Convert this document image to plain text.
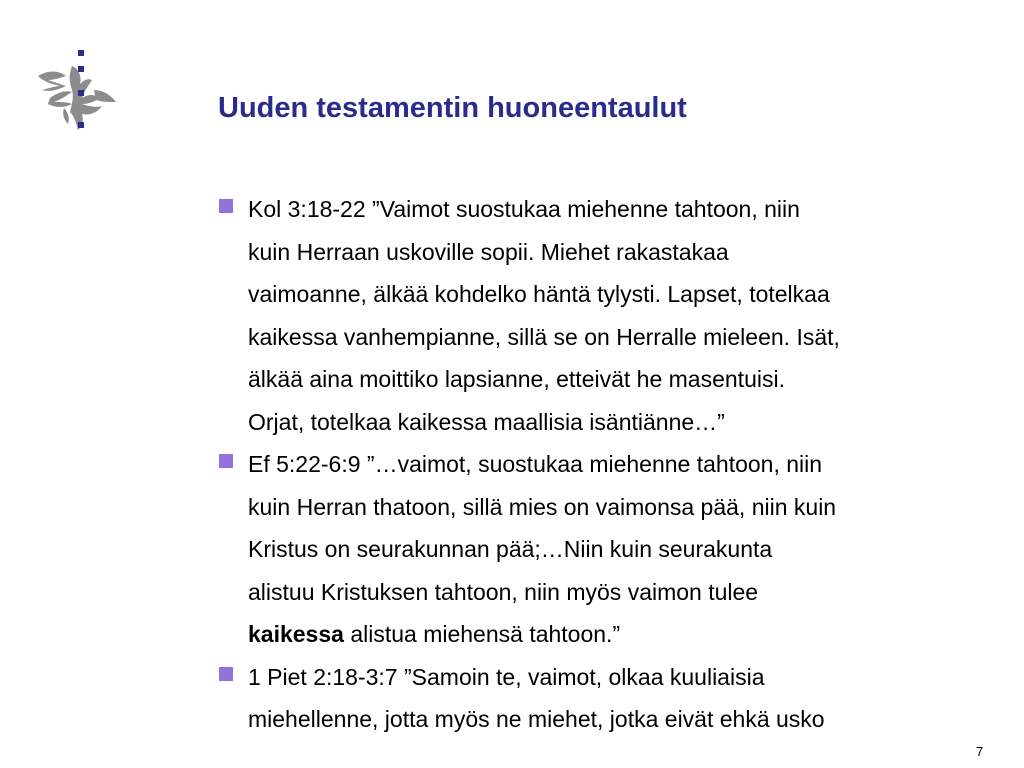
Uuden testamentin huoneentaulut
Kol 3:18-22 ”Vaimot suostukaa miehenne tahtoon, niin
kuin Herraan uskoville sopii. Miehet rakastakaa
vaimoanne, älkää kohdelko häntä tylysti. Lapset, totelkaa
kaikessa vanhempianne, sillä se on Herralle mieleen. Isät,
älkää aina moittiko lapsianne, etteivät he masentuisi.
Orjat, totelkaa kaikessa maallisia isäntiänne…”
Ef 5:22-6:9 ”…vaimot, suostukaa miehenne tahtoon, niin
kuin Herran thatoon, sillä mies on vaimonsa pää, niin kuin
Kristus on seurakunnan pää;…Niin kuin seurakunta
alistuu Kristuksen tahtoon, niin myös vaimon tulee
kaikessa alistua miehensä tahtoon.”
1 Piet 2:18-3:7 ”Samoin te, vaimot, olkaa kuuliaisia
miehellenne, jotta myös ne miehet, jotka eivät ehkä usko
7
